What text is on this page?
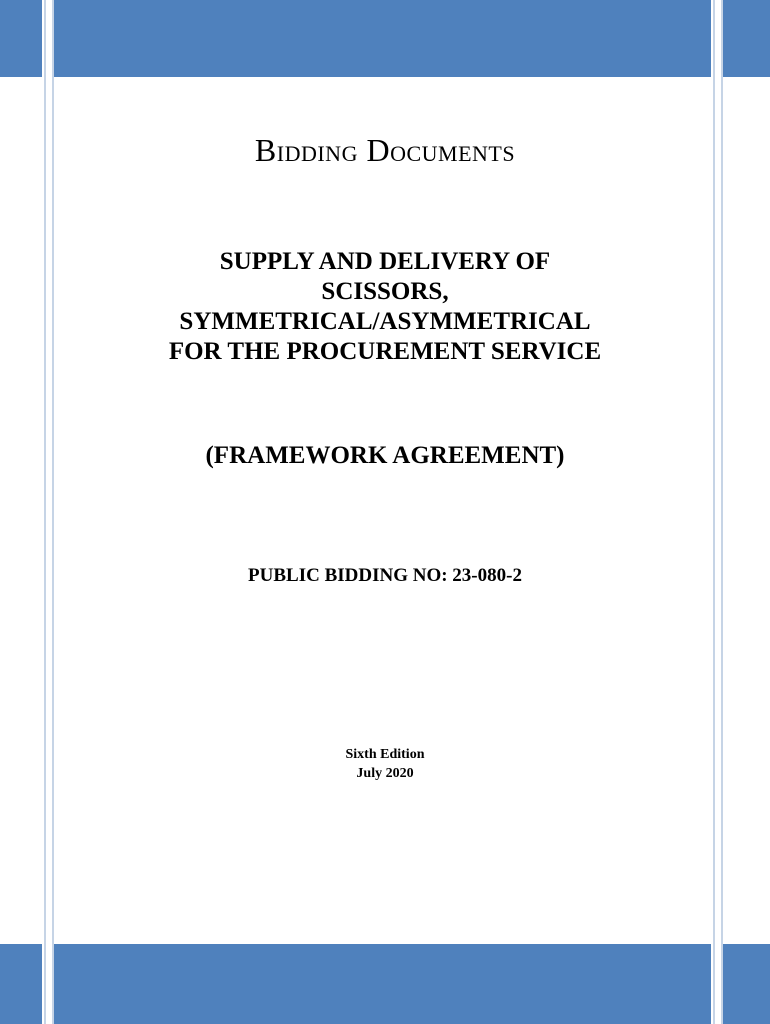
Bidding Documents
SUPPLY AND DELIVERY OF
SCISSORS,
SYMMETRICAL/ASYMMETRICAL
FOR THE PROCUREMENT SERVICE
(FRAMEWORK AGREEMENT)
PUBLIC BIDDING NO: 23-080-2
Sixth Edition
July 2020
